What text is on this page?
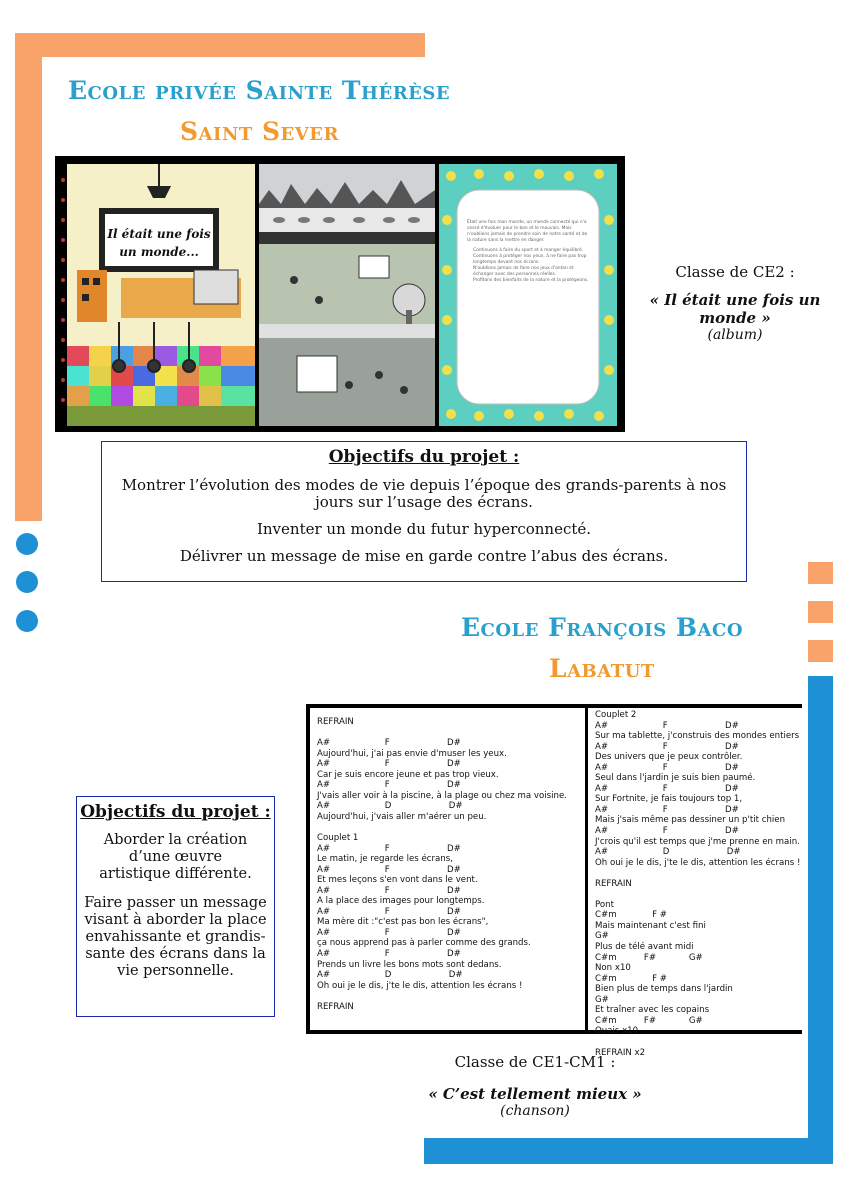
Ecole privée Sainte Thérèse
Saint Sever
Il était une fois
un monde...
Était une fois mon monde, un monde connecté qui n'a cessé d'évoluer pour le bon et le mauvais. Mais n'oublions jamais de prendre soin de notre santé et de la nature sans la mettre en danger.
Continuons à faire du sport et à manger équilibré.
Continuons à protéger nos yeux, à ne faire pas trop longtemps devant nos écrans.
N'oublions jamais de faire nos jeux d'antan et échanger avec des personnes réelles.
Profitons des bienfaits de la nature et la protégeons.	Classe de CE2 :
« Il était une fois un
monde »
(album)
Objectifs du projet :

Montrer l’évolution des modes de vie depuis l’époque des grands-parents à nos jours sur l’usage des écrans.

Inventer un monde du futur hyperconnecté.

Délivrer un message de mise en garde contre l’abus des écrans.

Ecole François Baco
Labatut
Objectifs du projet :

Aborder la création d’une œuvre artistique différente.

Faire passer un message visant à aborder la place envahissante et grandis-sante des écrans dans la vie personnelle.

REFRAIN

A#                    F                     D#
Aujourd'hui, j'ai pas envie d'muser les yeux.
A#                    F                     D#
Car je suis encore jeune et pas trop vieux.
A#                    F                     D#
J'vais aller voir à la piscine, à la plage ou chez ma voisine.
A#                    D                     D#
Aujourd'hui, j'vais aller m'aérer un peu.

Couplet 1
A#                    F                     D#
Le matin, je regarde les écrans,
A#                    F                     D#
Et mes leçons s'en vont dans le vent.
A#                    F                     D#
A la place des images pour longtemps.
A#                    F                     D#
Ma mère dit :"c'est pas bon les écrans",
A#                    F                     D#
ça nous apprend pas à parler comme des grands.
A#                    F                     D#
Prends un livre les bons mots sont dedans.
A#                    D                     D#
Oh oui je le dis, j'te le dis, attention les écrans !

REFRAIN
Couplet 2
A#                    F                     D#
Sur ma tablette, j'construis des mondes entiers
A#                    F                     D#
Des univers que je peux contrôler.
A#                    F                     D#
Seul dans l'jardin je suis bien paumé.
A#                    F                     D#
Sur Fortnite, je fais toujours top 1,
A#                    F                     D#
Mais j'sais même pas dessiner un p'tit chien
A#                    F                     D#
J'crois qu'il est temps que j'me prenne en main.
A#                    D                     D#
Oh oui je le dis, j'te le dis, attention les écrans !

REFRAIN

Pont
C#m             F #
Mais maintenant c'est fini
G#
Plus de télé avant midi
C#m          F#            G#
Non x10
C#m             F #
Bien plus de temps dans l'jardin
G#
Et traîner avec les copains
C#m          F#            G#
Ouais x10

REFRAIN x2
Classe de CE1-CM1 :
« C’est tellement mieux »
(chanson)
